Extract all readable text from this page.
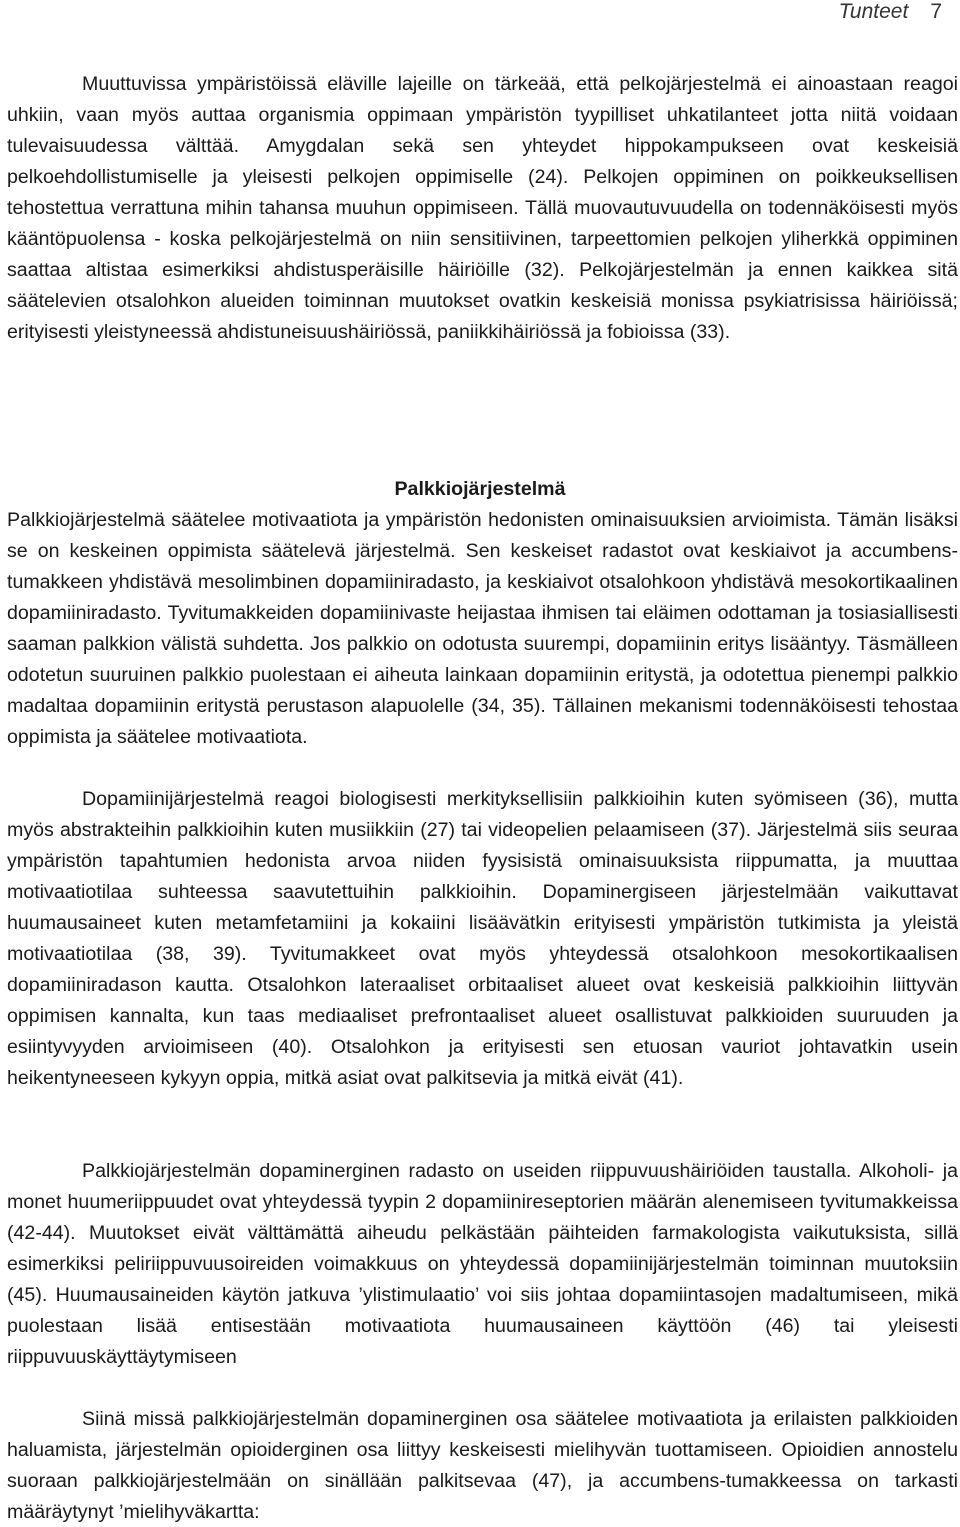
Tunteet 7

Muuttuvissa ympäristöissä eläville lajeille on tärkeää, että pelkojärjestelmä ei ainoastaan reagoi uhkiin, vaan myös auttaa organismia oppimaan ympäristön tyypilliset uhkatilanteet jotta niitä voidaan tulevaisuudessa välttää. Amygdalan sekä sen yhteydet hippokampukseen ovat keskeisiä pelkoehdollistumiselle ja yleisesti pelkojen oppimiselle (24). Pelkojen oppiminen on poikkeuksellisen tehostettua verrattuna mihin tahansa muuhun oppimiseen. Tällä muovautuvuudella on todennäköisesti myös kääntöpuolensa - koska pelkojärjestelmä on niin sensitiivinen, tarpeettomien pelkojen yliherkkä oppiminen saattaa altistaa esimerkiksi ahdistusperäisille häiriöille (32). Pelkojärjestelmän ja ennen kaikkea sitä säätelevien otsalohkon alueiden toiminnan muutokset ovatkin keskeisiä monissa psykiatrisissa häiriöissä; erityisesti yleistyneessä ahdistuneisuushäiriössä, paniikkihäiriössä ja fobioissa (33).

Palkkiojärjestelmä

Palkkiojärjestelmä säätelee motivaatiota ja ympäristön hedonisten ominaisuuksien arvioimista. Tämän lisäksi se on keskeinen oppimista säätelevä järjestelmä. Sen keskeiset radastot ovat keskiaivot ja accumbens-tumakkeen yhdistävä mesolimbinen dopamiiniradasto, ja keskiaivot otsalohkoon yhdistävä mesokortikaalinen dopamiiniradasto. Tyvitumakkeiden dopamiinivaste heijastaa ihmisen tai eläimen odottaman ja tosiasiallisesti saaman palkkion välistä suhdetta. Jos palkkio on odotusta suurempi, dopamiinin eritys lisääntyy. Täsmälleen odotetun suuruinen palkkio puolestaan ei aiheuta lainkaan dopamiinin eritystä, ja odotettua pienempi palkkio madaltaa dopamiinin eritystä perustason alapuolelle (34, 35). Tällainen mekanismi todennäköisesti tehostaa oppimista ja säätelee motivaatiota.

Dopamiinijärjestelmä reagoi biologisesti merkityksellisiin palkkioihin kuten syömiseen (36), mutta myös abstrakteihin palkkioihin kuten musiikkiin (27) tai videopelien pelaamiseen (37). Järjestelmä siis seuraa ympäristön tapahtumien hedonista arvoa niiden fyysisistä ominaisuuksista riippumatta, ja muuttaa motivaatiotilaa suhteessa saavutettuihin palkkioihin. Dopaminergiseen järjestelmään vaikuttavat huumausaineet kuten metamfetamiini ja kokaiini lisäävätkin erityisesti ympäristön tutkimista ja yleistä motivaatiotilaa (38, 39). Tyvitumakkeet ovat myös yhteydessä otsalohkoon mesokortikaalisen dopamiiniradason kautta. Otsalohkon lateraaliset orbitaaliset alueet ovat keskeisiä palkkioihin liittyvän oppimisen kannalta, kun taas mediaaliset prefrontaaliset alueet osallistuvat palkkioiden suuruuden ja esiintyvyyden arvioimiseen (40). Otsalohkon ja erityisesti sen etuosan vauriot johtavatkin usein heikentyneeseen kykyyn oppia, mitkä asiat ovat palkitsevia ja mitkä eivät (41).

Palkkiojärjestelmän dopaminerginen radasto on useiden riippuvuushäiriöiden taustalla. Alkoholi- ja monet huumeriippuudet ovat yhteydessä tyypin 2 dopamiinireseptorien määrän alenemiseen tyvitumakkeissa (42-44). Muutokset eivät välttämättä aiheudu pelkästään päihteiden farmakologista vaikutuksista, sillä esimerkiksi peliriippuvuusoireiden voimakkuus on yhteydessä dopamiinijärjestelmän toiminnan muutoksiin (45). Huumausaineiden käytön jatkuva ’ylistimulaatio’ voi siis johtaa dopamiintasojen madaltumiseen, mikä puolestaan lisää entisestään motivaatiota huumausaineen käyttöön (46) tai yleisesti riippuvuuskäyttäytymiseen

Siinä missä palkkiojärjestelmän dopaminerginen osa säätelee motivaatiota ja erilaisten palkkioiden haluamista, järjestelmän opioiderginen osa liittyy keskeisesti mielihyvän tuottamiseen. Opioidien annostelu suoraan palkkiojärjestelmään on sinällään palkitsevaa (47), ja accumbens-tumakkeessa on tarkasti määräytynyt ’mielihyväkartta:
